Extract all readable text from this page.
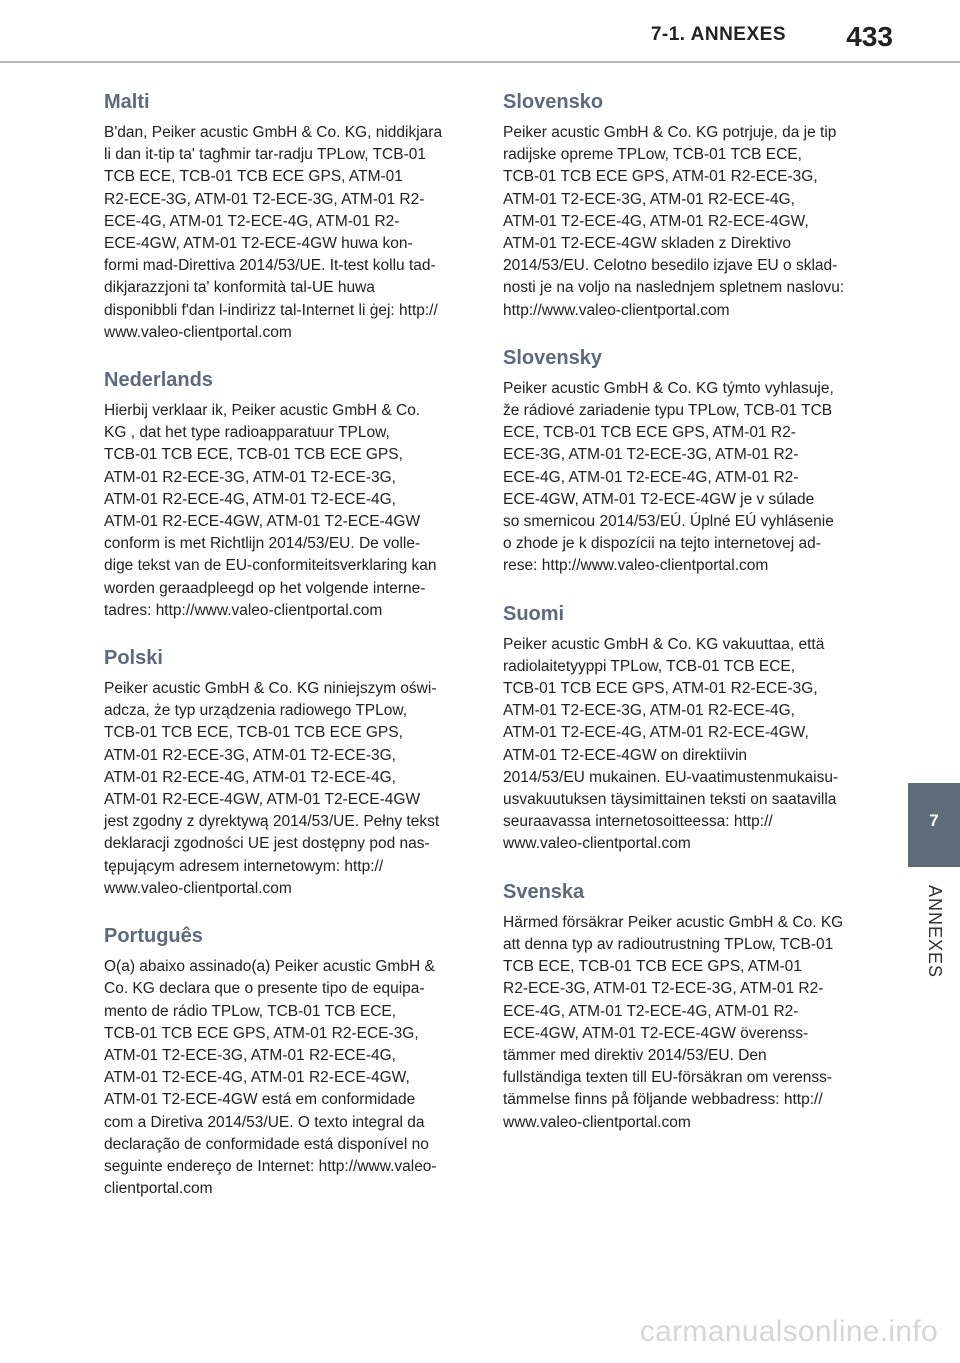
7-1. ANNEXES 433
Malti

B'dan, Peiker acustic GmbH & Co. KG, niddikjara
li dan it-tip ta' tagħmir tar-radju TPLow, TCB-01
TCB ECE, TCB-01 TCB ECE GPS, ATM-01
R2-ECE-3G, ATM-01 T2-ECE-3G, ATM-01 R2-
ECE-4G, ATM-01 T2-ECE-4G, ATM-01 R2-
ECE-4GW, ATM-01 T2-ECE-4GW huwa kon-
formi mad-Direttiva 2014/53/UE. It-test kollu tad-
dikjarazzjoni ta' konformità tal-UE huwa
disponibbli f'dan l-indirizz tal-Internet li ġej: http://
www.valeo-clientportal.com

Nederlands

Hierbij verklaar ik, Peiker acustic GmbH & Co.
KG , dat het type radioapparatuur TPLow,
TCB-01 TCB ECE, TCB-01 TCB ECE GPS,
ATM-01 R2-ECE-3G, ATM-01 T2-ECE-3G,
ATM-01 R2-ECE-4G, ATM-01 T2-ECE-4G,
ATM-01 R2-ECE-4GW, ATM-01 T2-ECE-4GW
conform is met Richtlijn 2014/53/EU. De volle-
dige tekst van de EU-conformiteitsverklaring kan
worden geraadpleegd op het volgende interne-
tadres: http://www.valeo-clientportal.com

Polski

Peiker acustic GmbH & Co. KG niniejszym oświ-
adcza, że typ urządzenia radiowego TPLow,
TCB-01 TCB ECE, TCB-01 TCB ECE GPS,
ATM-01 R2-ECE-3G, ATM-01 T2-ECE-3G,
ATM-01 R2-ECE-4G, ATM-01 T2-ECE-4G,
ATM-01 R2-ECE-4GW, ATM-01 T2-ECE-4GW
jest zgodny z dyrektywą 2014/53/UE. Pełny tekst
deklaracji zgodności UE jest dostępny pod nas-
tępującym adresem internetowym: http://
www.valeo-clientportal.com

Português

O(a) abaixo assinado(a) Peiker acustic GmbH &
Co. KG declara que o presente tipo de equipa-
mento de rádio TPLow, TCB-01 TCB ECE,
TCB-01 TCB ECE GPS, ATM-01 R2-ECE-3G,
ATM-01 T2-ECE-3G, ATM-01 R2-ECE-4G,
ATM-01 T2-ECE-4G, ATM-01 R2-ECE-4GW,
ATM-01 T2-ECE-4GW está em conformidade
com a Diretiva 2014/53/UE. O texto integral da
declaração de conformidade está disponível no
seguinte endereço de Internet: http://www.valeo-
clientportal.com

Slovensko

Peiker acustic GmbH & Co. KG potrjuje, da je tip
radijske opreme TPLow, TCB-01 TCB ECE,
TCB-01 TCB ECE GPS, ATM-01 R2-ECE-3G,
ATM-01 T2-ECE-3G, ATM-01 R2-ECE-4G,
ATM-01 T2-ECE-4G, ATM-01 R2-ECE-4GW,
ATM-01 T2-ECE-4GW skladen z Direktivo
2014/53/EU. Celotno besedilo izjave EU o sklad-
nosti je na voljo na naslednjem spletnem naslovu:
http://www.valeo-clientportal.com

Slovensky

Peiker acustic GmbH & Co. KG týmto vyhlasuje,
že rádiové zariadenie typu TPLow, TCB-01 TCB
ECE, TCB-01 TCB ECE GPS, ATM-01 R2-
ECE-3G, ATM-01 T2-ECE-3G, ATM-01 R2-
ECE-4G, ATM-01 T2-ECE-4G, ATM-01 R2-
ECE-4GW, ATM-01 T2-ECE-4GW je v súlade
so smernicou 2014/53/EÚ. Úplné EÚ vyhlásenie
o zhode je k dispozícii na tejto internetovej ad-
rese: http://www.valeo-clientportal.com

Suomi

Peiker acustic GmbH & Co. KG vakuuttaa, että
radiolaitetyyppi TPLow, TCB-01 TCB ECE,
TCB-01 TCB ECE GPS, ATM-01 R2-ECE-3G,
ATM-01 T2-ECE-3G, ATM-01 R2-ECE-4G,
ATM-01 T2-ECE-4G, ATM-01 R2-ECE-4GW,
ATM-01 T2-ECE-4GW on direktiivin
2014/53/EU mukainen. EU-vaatimustenmukaisu-
usvakuutuksen täysimittainen teksti on saatavilla
seuraavassa internetosoitteessa: http://
www.valeo-clientportal.com

Svenska

Härmed försäkrar Peiker acustic GmbH & Co. KG
att denna typ av radioutrustning TPLow, TCB-01
TCB ECE, TCB-01 TCB ECE GPS, ATM-01
R2-ECE-3G, ATM-01 T2-ECE-3G, ATM-01 R2-
ECE-4G, ATM-01 T2-ECE-4G, ATM-01 R2-
ECE-4GW, ATM-01 T2-ECE-4GW överenss-
tämmer med direktiv 2014/53/EU. Den
fullständiga texten till EU-försäkran om verenss-
tämmelse finns på följande webbadress: http://
www.valeo-clientportal.com

7
ANNEXES
carmanualsonline.info
